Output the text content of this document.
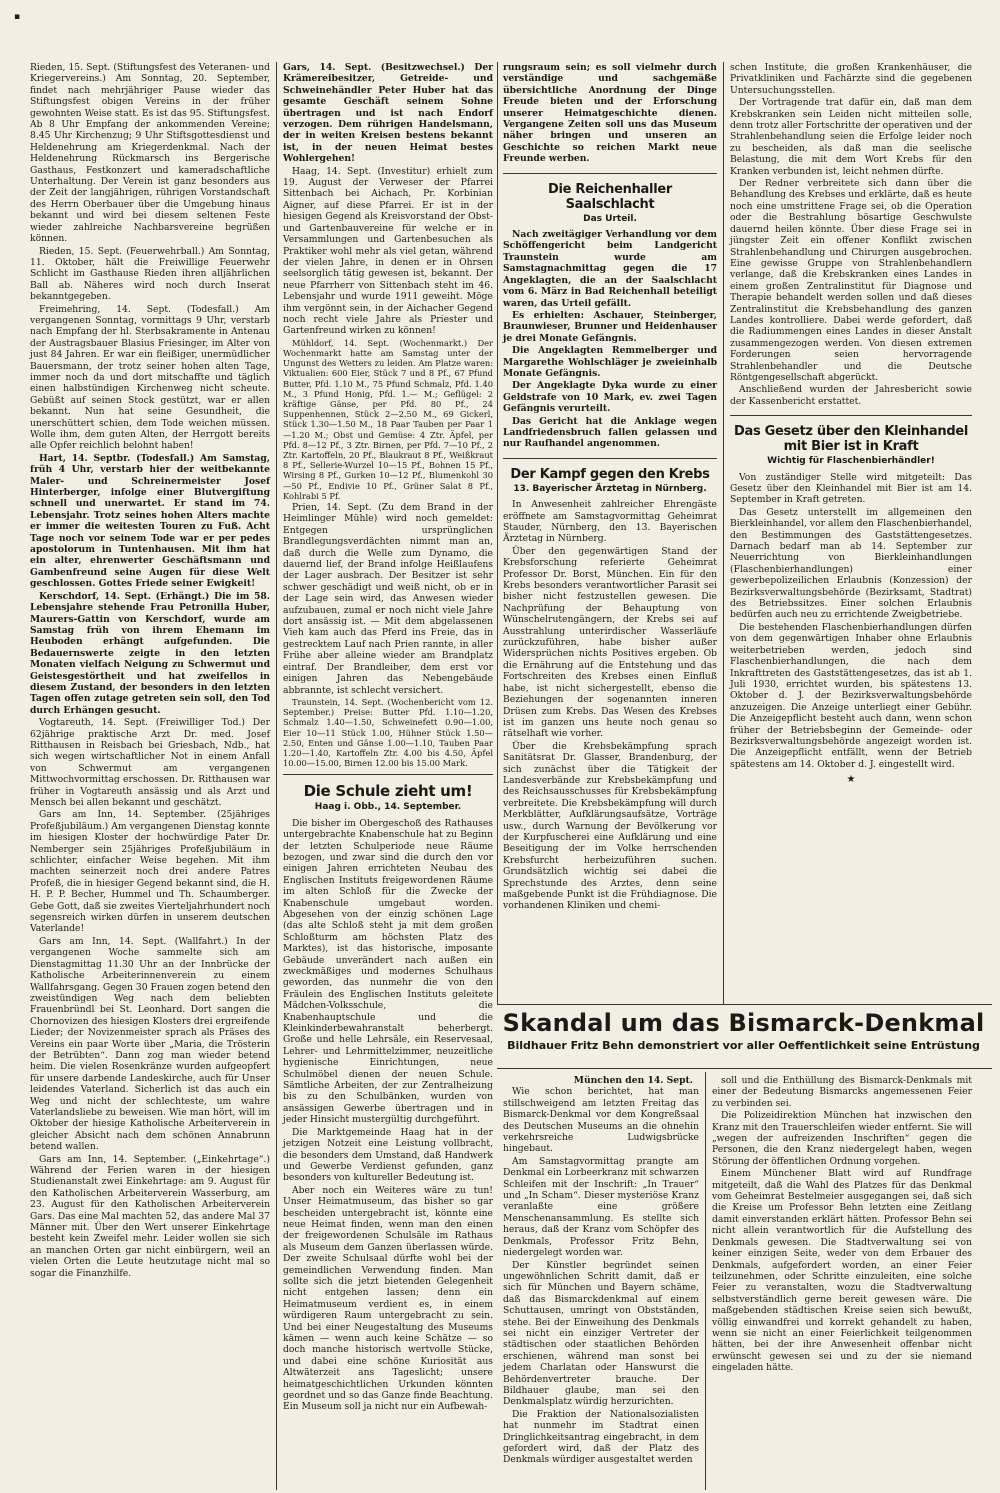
▪

Rieden, 15. Sept. (Stiftungsfest des Veteranen- und Kriegervereins.) Am Sonntag, 20. September, findet nach mehrjähriger Pause wieder das Stiftungsfest obigen Vereins in der früher gewohnten Weise statt. Es ist das 95. Stiftungsfest. Ab 8 Uhr Empfang der ankommenden Vereine; 8.45 Uhr Kirchenzug; 9 Uhr Stiftsgottesdienst und Heldenehrung am Kriegerdenkmal. Nach der Heldenehrung Rückmarsch ins Bergerische Gasthaus, Festkonzert und kameradschaftliche Unterhaltung. Der Verein ist ganz besonders aus der Zeit der langjährigen, rührigen Vorstandschaft des Herrn Oberbauer über die Umgebung hinaus bekannt und wird bei diesem seltenen Feste wieder zahlreiche Nachbarsvereine begrüßen können.

Rieden, 15. Sept. (Feuerwehrball.) Am Sonntag, 11. Oktober, hält die Freiwillige Feuerwehr Schlicht im Gasthause Rieden ihren alljährlichen Ball ab. Näheres wird noch durch Inserat bekanntgegeben.

Freimehring, 14. Sept. (Todesfall.) Am vergangenen Sonntag, vormittags 9 Uhr, verstarb nach Empfang der hl. Sterbsakramente in Antenau der Austragsbauer Blasius Friesinger, im Alter von just 84 Jahren. Er war ein fleißiger, unermüdlicher Bauersmann, der trotz seiner hohen alten Tage, immer noch da und dort mitschaffte und täglich einen halbstündigen Kirchenweg nicht scheute. Gebüßt auf seinen Stock gestützt, war er allen bekannt. Nun hat seine Gesundheit, die unerschüttert schien, dem Tode weichen müssen. Wolle ihm, dem guten Alten, der Herrgott bereits alle Opfer reichlich belohnt haben!

Hart, 14. Septbr. (Todesfall.) Am Samstag, früh 4 Uhr, verstarb hier der weitbekannte Maler- und Schreinermeister Josef Hinterberger, infolge einer Blutvergiftung schnell und unerwartet. Er stand im 74. Lebensjahr. Trotz seines hohen Alters machte er immer die weitesten Touren zu Fuß. Acht Tage noch vor seinem Tode war er per pedes apostolorum in Tuntenhausen. Mit ihm hat ein alter, ehrenwerter Geschäftsmann und Gambenfreund seine Augen für diese Welt geschlossen. Gottes Friede seiner Ewigkeit!

Kerschdorf, 14. Sept. (Erhängt.) Die im 58. Lebensjahre stehende Frau Petronilla Huber, Maurers-Gattin von Kerschdorf, wurde am Samstag früh von ihrem Ehemann im Heuboden erhängt aufgefunden. Die Bedauernswerte zeigte in den letzten Monaten vielfach Neigung zu Schwermut und Geistesgestörtheit und hat zweifellos in diesem Zustand, der besonders in den letzten Tagen offen zutage getreten sein soll, den Tod durch Erhängen gesucht.

Vogtareuth, 14. Sept. (Freiwilliger Tod.) Der 62jährige praktische Arzt Dr. med. Josef Ritthausen in Reisbach bei Griesbach, Ndb., hat sich wegen wirtschaftlicher Not in einem Anfall von Schwermut am vergangenen Mittwochvormittag erschossen. Dr. Ritthausen war früher in Vogtareuth ansässig und als Arzt und Mensch bei allen bekannt und geschätzt.

Gars am Inn, 14. September. (25jähriges Profeßjubiläum.) Am vergangenen Dienstag konnte im hiesigen Kloster der hochwürdige Pater Dr. Nemberger sein 25jähriges Profeßjubiläum in schlichter, einfacher Weise begehen. Mit ihm machten seinerzeit noch drei andere Patres Profeß, die in hiesiger Gegend bekannt sind, die H. H. P. P. Becher, Hummel und Th. Schaumberger. Gebe Gott, daß sie zweites Vierteljahrhundert noch segensreich wirken dürfen in unserem deutschen Vaterlande!

Gars am Inn, 14. Sept. (Wallfahrt.) In der vergangenen Woche sammelte sich am Dienstagmittag 11.30 Uhr an der Innbrücke der Katholische Arbeiterinnenverein zu einem Wallfahrsgang. Gegen 30 Frauen zogen betend den zweistündigen Weg nach dem beliebten Frauenbründl bei St. Leonhard. Dort sangen die Chornovizen des hiesigen Klosters drei ergreifende Lieder; der Novizenmeister sprach als Präses des Vereins ein paar Worte über „Maria, die Trösterin der Betrübten“. Dann zog man wieder betend heim. Die vielen Rosenkränze wurden aufgeopfert für unsere darbende Landeskirche, auch für Unser leidendes Vaterland. Sicherlich ist das auch ein Weg und nicht der schlechteste, um wahre Vaterlandsliebe zu beweisen. Wie man hört, will im Oktober der hiesige Katholische Arbeiterverein in gleicher Absicht nach dem schönen Annabrunn betend wallen.

Gars am Inn, 14. September. („Einkehrtage“.) Während der Ferien waren in der hiesigen Studienanstalt zwei Einkehrtage: am 9. August für den Katholischen Arbeiterverein Wasserburg, am 23. August für den Katholischen Arbeiterverein Gars. Das eine Mal machten 52, das andere Mal 37 Männer mit. Über den Wert unserer Einkehrtage besteht kein Zweifel mehr. Leider wollen sie sich an manchen Orten gar nicht einbürgern, weil an vielen Orten die Leute heutzutage nicht mal so sogar die Finanzhilfe.

Gars, 14. Sept. (Besitzwechsel.) Der Krämereibesitzer, Getreide- und Schweinehändler Peter Huber hat das gesamte Geschäft seinem Sohne übertragen und ist nach Endorf verzogen. Dem rührigen Handelsmann, der in weiten Kreisen bestens bekannt ist, in der neuen Heimat bestes Wohlergehen!

Haag, 14. Sept. (Investitur) erhielt zum 19. August der Verweser der Pfarrei Sittenbach bei Aichach, Pr. Korbinian Aigner, auf diese Pfarrei. Er ist in der hiesigen Gegend als Kreisvorstand der Obst- und Gartenbauvereine für welche er in Versammlungen und Gartenbesuchen als Praktiker wohl mehr als viel getan, während der vielen Jahre, in denen er in Ohrsen seelsorglich tätig gewesen ist, bekannt. Der neue Pfarrherr von Sittenbach steht im 46. Lebensjahr und wurde 1911 geweiht. Möge ihm vergönnt sein, in der Aichacher Gegend noch recht viele Jahre als Priester und Gartenfreund wirken zu können!

Mühldorf, 14. Sept. (Wochenmarkt.) Der Wochenmarkt hatte am Samstag unter der Ungunst des Wetters zu leiden. Am Platze waren: Viktualien: 600 Eier, Stück 7 und 8 Pf., 67 Pfund Butter, Pfd. 1.10 M., 75 Pfund Schmalz, Pfd. 1.40 M., 3 Pfund Honig, Pfd. 1.— M.; Geflügel: 2 kräftige Gänse, per Pfd. 80 Pf., 24 Suppenhennen, Stück 2—2.50 M., 69 Gickerl, Stück 1.30—1.50 M., 18 Paar Tauben per Paar 1—1.20 M.; Obst und Gemüse: 4 Ztr. Äpfel, per Pfd. 8—12 Pf., 3 Ztr. Birnen, per Pfd. 7—10 Pf., 2 Ztr. Kartoffeln, 20 Pf., Blaukraut 8 Pf., Weißkraut 8 Pf., Sellerie-Wurzel 10—15 Pf., Bohnen 15 Pf., Wirsing 8 Pf., Gurken 10—12 Pf., Blumenkohl 30—50 Pf., Endivie 10 Pf., Grüner Salat 8 Pf., Kohlrabi 5 Pf.

Prien, 14. Sept. (Zu dem Brand in der Heimlinger Mühle) wird noch gemeldet: Entgegen ursprünglichen Brandlegungsverdächten nimmt man an, daß durch die Welle zum Dynamo, die dauernd lief, der Brand infolge Heißlaufens der Lager ausbrach. Der Besitzer ist sehr schwer geschädigt und weiß nicht, ob er in der Lage sein wird, das Anwesen wieder aufzubauen, zumal er noch nicht viele Jahre dort ansässig ist. — Mit dem abgelassenen Vieh kam auch das Pferd ins Freie, das in gestrecktem Lauf nach Prien rannte, in aller Frühe aber alleine wieder am Brandplatz eintraf. Der Brandleiber, dem erst vor einigen Jahren das Nebengebäude abbrannte, ist schlecht versichert.

Traunstein, 14. Sept. (Wochenbericht vom 12. September.) Preise: Butter Pfd. 1.10—1.20, Schmalz 1.40—1.50, Schweinefett 0.90—1.00, Eier 10—11 Stück 1.00, Hühner Stück 1.50—2.50, Enten und Gänse 1.00—1.10, Tauben Paar 1.20—1.40, Kartoffeln Ztr. 4.00 bis 4.50, Äpfel 10.00—15.00, Birnen 12.00 bis 15.00 Mark.

Die Schule zieht um!
Haag i. Obb., 14. September.

Die bisher im Obergeschoß des Rathauses untergebrachte Knabenschule hat zu Beginn der letzten Schulperiode neue Räume bezogen, und zwar sind die durch den vor einigen Jahren errichteten Neubau des Englischen Instituts freigewordenen Räume im alten Schloß für die Zwecke der Knabenschule umgebaut worden. Abgesehen von der einzig schönen Lage (das alte Schloß steht ja mit dem großen Schloßturm am höchsten Platz des Marktes), ist das historische, imposante Gebäude unverändert nach außen ein zweckmäßiges und modernes Schulhaus geworden, das nunmehr die von den Fräulein des Englischen Instituts geleitete Mädchen-Volksschule, die Knabenhauptschule und die Kleinkinderbewahranstalt beherbergt. Große und helle Lehrsäle, ein Reservesaal, Lehrer- und Lehrmittelzimmer, neuzeitliche hygienische Einrichtungen, neue Schulmöbel dienen der neuen Schule. Sämtliche Arbeiten, der zur Zentralheizung bis zu den Schulbänken, wurden von ansässigen Gewerbe übertragen und in jeder Hinsicht mustergültig durchgeführt.

Die Marktgemeinde Haag hat in der jetzigen Notzeit eine Leistung vollbracht, die besonders dem Umstand, daß Handwerk und Gewerbe Verdienst gefunden, ganz besonders von kultureller Bedeutung ist.

Aber noch ein Weiteres wäre zu tun! Unser Heimatmuseum, das bisher so gar bescheiden untergebracht ist, könnte eine neue Heimat finden, wenn man den einen der freigewordenen Schulsäle im Rathaus als Museum dem Ganzen überlassen würde. Der zweite Schulsaal dürfte wohl bei der gemeindlichen Verwendung finden. Man sollte sich die jetzt bietenden Gelegenheit nicht entgehen lassen; denn ein Heimatmuseum verdient es, in einem würdigeren Raum untergebracht zu sein. Und bei einer Neugestaltung des Museums kämen — wenn auch keine Schätze — so doch manche historisch wertvolle Stücke, und dabei eine schöne Kuriosität aus Altwäterzeit ans Tageslicht; unsere heimatgeschichtlichen Urkunden könnten geordnet und so das Ganze finde Beachtung. Ein Museum soll ja nicht nur ein Aufbewah-

rungsraum sein; es soll vielmehr durch verständige und sachgemäße übersichtliche Anordnung der Dinge Freude bieten und der Erforschung unserer Heimatgeschichte dienen. Vergangene Zeiten soll uns das Museum näher bringen und unseren an Geschichte so reichen Markt neue Freunde werben.

Die Reichenhaller Saalschlacht
Das Urteil.

Nach zweitägiger Verhandlung vor dem Schöffengericht beim Landgericht Traunstein wurde am Samstagnachmittag gegen die 17 Angeklagten, die an der Saalschlacht vom 6. März in Bad Reichenhall beteiligt waren, das Urteil gefällt.

Es erhielten: Aschauer, Steinberger, Braunwieser, Brunner und Heidenhauser je drei Monate Gefängnis.

Die Angeklagten Remmelberger und Margarethe Wohlschläger je zweieinhalb Monate Gefängnis.

Der Angeklagte Dyka wurde zu einer Geldstrafe von 10 Mark, ev. zwei Tagen Gefängnis verurteilt.

Das Gericht hat die Anklage wegen Landfriedensbruch fallen gelassen und nur Raufhandel angenommen.

Der Kampf gegen den Krebs
13. Bayerischer Ärztetag in Nürnberg.

In Anwesenheit zahlreicher Ehrengäste eröffnete am Samstagvormittag Geheimrat Stauder, Nürnberg, den 13. Bayerischen Ärztetag in Nürnberg.

Über den gegenwärtigen Stand der Krebsforschung referierte Geheimrat Professor Dr. Borst, München. Ein für den Krebs besonders verantwortlicher Parasit sei bisher nicht festzustellen gewesen. Die Nachprüfung der Behauptung von Wünschelrutengängern, der Krebs sei auf Ausstrahlung unterirdischer Wasserläufe zurückzuführen, habe bisher außer Widersprüchen nichts Positives ergeben. Ob die Ernährung auf die Entstehung und das Fortschreiten des Krebses einen Einfluß habe, ist nicht sichergestellt, ebenso die Beziehungen der sogenannten inneren Drüsen zum Krebs. Das Wesen des Krebses ist im ganzen uns heute noch genau so rätselhaft wie vorher.

Über die Krebsbekämpfung sprach Sanitätsrat Dr. Glasser, Brandenburg, der sich zunächst über die Tätigkeit der Landesverbände zur Krebsbekämpfung und des Reichsausschusses für Krebsbekämpfung verbreitete. Die Krebsbekämpfung will durch Merkblätter, Aufklärungsaufsätze, Vorträge usw., durch Warnung der Bevölkerung vor der Kurpfuscherei eine Aufklärung und eine Beseitigung der im Volke herrschenden Krebsfurcht herbeizuführen suchen. Grundsätzlich wichtig sei dabei die Sprechstunde des Arztes, denn seine maßgebende Punkt ist die Frühdiagnose. Die vorhandenen Kliniken und chemi-

schen Institute, die großen Krankenhäuser, die Privatkliniken und Fachärzte sind die gegebenen Untersuchungsstellen.

Der Vortragende trat dafür ein, daß man dem Krebskranken sein Leiden nicht mitteilen solle, denn trotz aller Fortschritte der operativen und der Strahlenbehandlung seien die Erfolge leider noch zu bescheiden, als daß man die seelische Belastung, die mit dem Wort Krebs für den Kranken verbunden ist, leicht nehmen dürfte.

Der Redner verbreitete sich dann über die Behandlung des Krebses und erklärte, daß es heute noch eine umstrittene Frage sei, ob die Operation oder die Bestrahlung bösartige Geschwulste dauernd heilen könnte. Über diese Frage sei in jüngster Zeit ein offener Konflikt zwischen Strahlenbehandlung und Chirurgen ausgebrochen. Eine gewisse Gruppe von Strahlenbehandlern verlange, daß die Krebskranken eines Landes in einem großen Zentralinstitut für Diagnose und Therapie behandelt werden sollen und daß dieses Zentralinstitut die Krebsbehandlung des ganzen Landes kontrolliere. Dabei werde gefordert, daß die Radiummengen eines Landes in dieser Anstalt zusammengezogen werden. Von diesen extremen Forderungen seien hervorragende Strahlenbehandler und die Deutsche Röntgengesellschaft abgerückt.

Anschließend wurden der Jahresbericht sowie der Kassenbericht erstattet.

Das Gesetz über den Kleinhandel mit Bier ist in Kraft
Wichtig für Flaschenbierhändler!

Von zuständiger Stelle wird mitgeteilt: Das Gesetz über den Kleinhandel mit Bier ist am 14. September in Kraft getreten.

Das Gesetz unterstellt im allgemeinen den Bierkleinhandel, vor allem den Flaschenbierhandel, den Bestimmungen des Gaststättengesetzes. Darnach bedarf man ab 14. September zur Neuerrichtung von Bierkleinhandlungen (Flaschenbierhandlungen) einer gewerbepolizeilichen Erlaubnis (Konzession) der Bezirksverwaltungsbehörde (Bezirksamt, Stadtrat) des Betriebssitzes. Einer solchen Erlaubnis bedürfen auch neu zu errichtende Zweigbetriebe.

Die bestehenden Flaschenbierhandlungen dürfen von dem gegenwärtigen Inhaber ohne Erlaubnis weiterbetrieben werden, jedoch sind Flaschenbierhandlungen, die nach dem Inkrafttreten des Gaststättengesetzes, das ist ab 1. Juli 1930, errichtet wurden, bis spätestens 13. Oktober d. J. der Bezirksverwaltungsbehörde anzuzeigen. Die Anzeige unterliegt einer Gebühr. Die Anzeigepflicht besteht auch dann, wenn schon früher der Betriebsbeginn der Gemeinde- oder Bezirksverwaltungsbehörde angezeigt worden ist. Die Anzeigepflicht entfällt, wenn der Betrieb spätestens am 14. Oktober d. J. eingestellt wird.

★
Skandal um das Bismarck-Denkmal
Bildhauer Fritz Behn demonstriert vor aller Oeffentlichkeit seine Entrüstung
München den 14. Sept.

Wie schon berichtet, hat man stillschweigend am letzten Freitag das Bismarck-Denkmal vor dem Kongreßsaal des Deutschen Museums an die ohnehin verkehrsreiche Ludwigsbrücke hingebaut.

Am Samstagvormittag prangte am Denkmal ein Lorbeerkranz mit schwarzen Schleifen mit der Inschrift: „In Trauer“ und „In Scham“. Dieser mysteriöse Kranz veranlaßte eine größere Menschenansammlung. Es stellte sich heraus, daß der Kranz vom Schöpfer des Denkmals, Professor Fritz Behn, niedergelegt worden war.

Der Künstler begründet seinen ungewöhnlichen Schritt damit, daß er sich für München und Bayern schäme, daß das Bismarckdenkmal auf einem Schuttausen, umringt von Obstständen, stehe. Bei der Einweihung des Denkmals sei nicht ein einziger Vertreter der städtischen oder staatlichen Behörden erschienen, während man sonst bei jedem Charlatan oder Hanswurst die Behördenvertreter brauche. Der Bildhauer glaube, man sei den Denkmalsplatz würdig herzurichten.

Die Fraktion der Nationalsozialisten hat nunmehr im Stadtrat einen Dringlichkeitsantrag eingebracht, in dem gefordert wird, daß der Platz des Denkmals würdiger ausgestaltet werden

soll und die Enthüllung des Bismarck-Denkmals mit einer der Bedeutung Bismarcks angemessenen Feier zu verbinden sei.

Die Polizeidirektion München hat inzwischen den Kranz mit den Trauerschleifen wieder entfernt. Sie will „wegen der aufreizenden Inschriften“ gegen die Personen, die den Kranz niedergelegt haben, wegen Störung der öffentlichen Ordnung vorgehen.

Einem Münchener Blatt wird auf Rundfrage mitgeteilt, daß die Wahl des Platzes für das Denkmal vom Geheimrat Bestelmeier ausgegangen sei, daß sich die Kreise um Professor Behn letzten eine Zeitlang damit einverstanden erklärt hätten. Professor Behn sei nicht allein verantwortlich für die Aufstellung des Denkmals gewesen. Die Stadtverwaltung sei von keiner einzigen Seite, weder von dem Erbauer des Denkmals, aufgefordert worden, an einer Feier teilzunehmen, oder Schritte einzuleiten, eine solche Feier zu veranstalten, wozu die Stadtverwaltung selbstverständlich gerne bereit gewesen wäre. Die maßgebenden städtischen Kreise seien sich bewußt, völlig einwandfrei und korrekt gehandelt zu haben, wenn sie nicht an einer Feierlichkeit teilgenommen hätten, bei der ihre Anwesenheit offenbar nicht erwünscht gewesen sei und zu der sie niemand eingeladen hätte.
